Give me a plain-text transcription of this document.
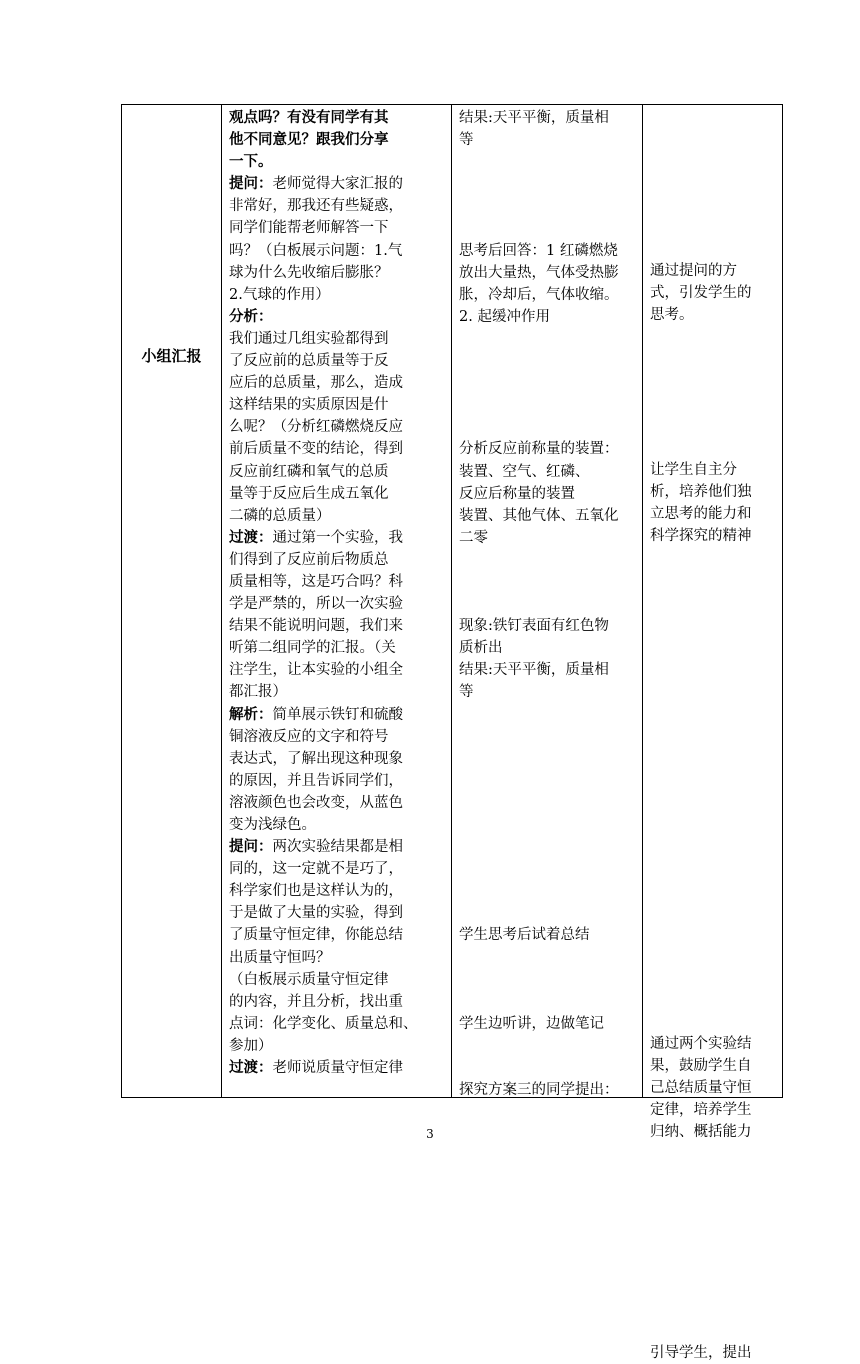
小组汇报
观点吗？有没有同学有其
他不同意见？跟我们分享
一下。
提问：老师觉得大家汇报的
非常好，那我还有些疑惑，
同学们能帮老师解答一下
吗？（白板展示问题：1.气
球为什么先收缩后膨胀？
2.气球的作用）
分析：
我们通过几组实验都得到
了反应前的总质量等于反
应后的总质量，那么，造成
这样结果的实质原因是什
么呢？（分析红磷燃烧反应
前后质量不变的结论，得到
反应前红磷和氧气的总质
量等于反应后生成五氧化
二磷的总质量）
过渡：通过第一个实验，我
们得到了反应前后物质总
质量相等，这是巧合吗？科
学是严禁的，所以一次实验
结果不能说明问题，我们来
听第二组同学的汇报。（关
注学生，让本实验的小组全
都汇报）
解析：简单展示铁钉和硫酸
铜溶液反应的文字和符号
表达式，了解出现这种现象
的原因，并且告诉同学们，
溶液颜色也会改变，从蓝色
变为浅绿色。
提问：两次实验结果都是相
同的，这一定就不是巧了，
科学家们也是这样认为的，
于是做了大量的实验，得到
了质量守恒定律，你能总结
出质量守恒吗？
（白板展示质量守恒定律
的内容，并且分析，找出重
点词：化学变化、质量总和、
参加）
过渡：老师说质量守恒定律
结果:天平平衡，质量相
等

思考后回答：1 红磷燃烧
放出大量热，气体受热膨
胀，冷却后，气体收缩。
2. 起缓冲作用

分析反应前称量的装置：
装置、空气、红磷、
反应后称量的装置
装置、其他气体、五氧化
二零

现象:铁钉表面有红色物
质析出
结果:天平平衡，质量相
等

学生思考后试着总结

学生边听讲，边做笔记

探究方案三的同学提出：

通过提问的方
式，引发学生的
思考。

让学生自主分
析，培养他们独
立思考的能力和
科学探究的精神

通过两个实验结
果，鼓励学生自
己总结质量守恒
定律，培养学生
归纳、概括能力

引导学生，提出
3
